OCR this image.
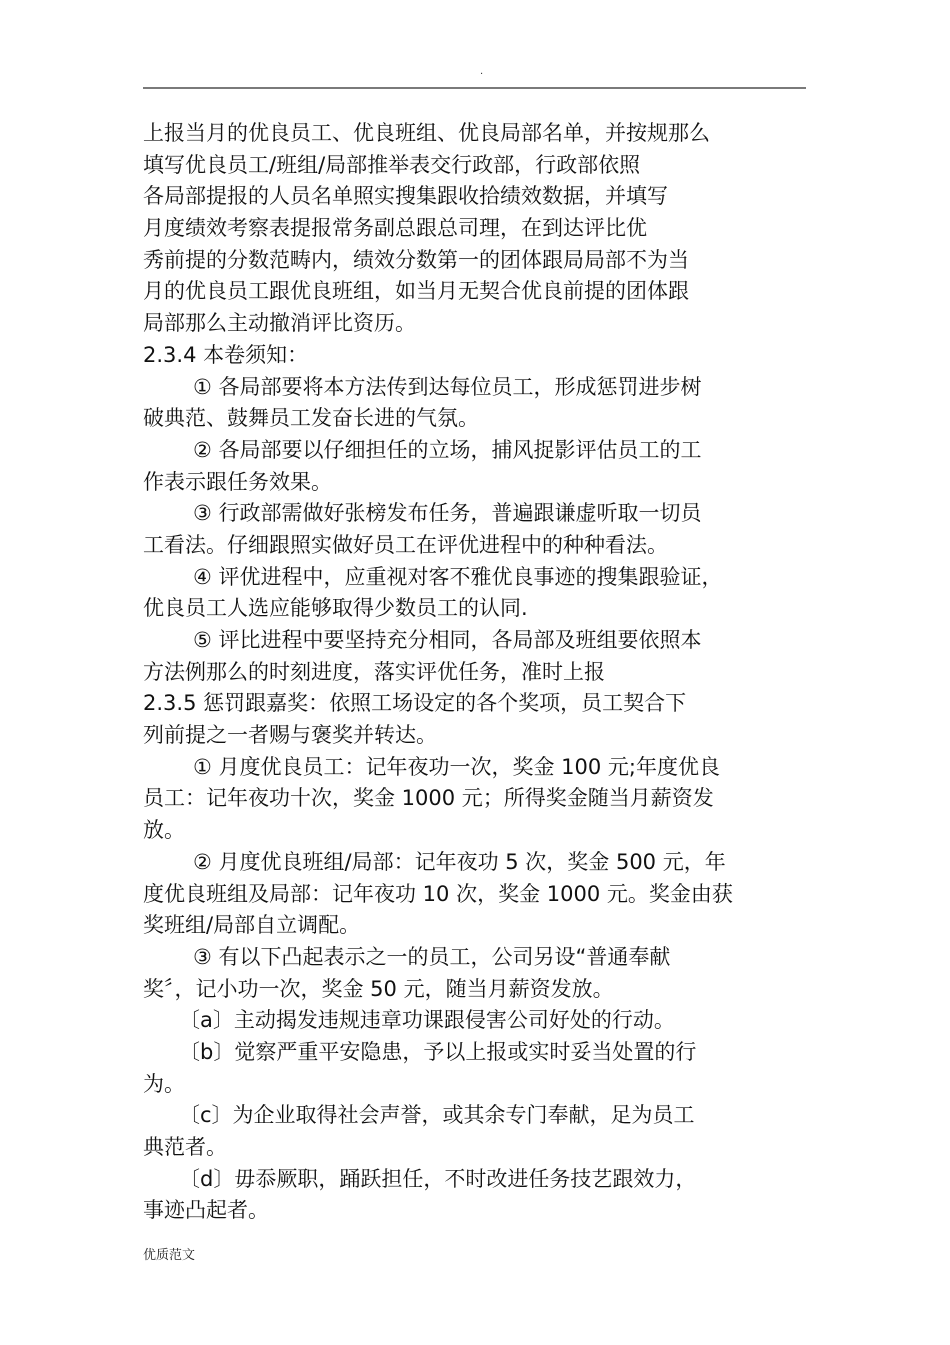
.
上报当月的优良员工、优良班组、优良局部名单，并按规那么
填写优良员工/班组/局部推举表交行政部，行政部依照
各局部提报的人员名单照实搜集跟收拾绩效数据，并填写
月度绩效考察表提报常务副总跟总司理，在到达评比优
秀前提的分数范畴内，绩效分数第一的团体跟局局部不为当
月的优良员工跟优良班组，如当月无契合优良前提的团体跟
局部那么主动撤消评比资历。
2.3.4 本卷须知：
① 各局部要将本方法传到达每位员工，形成惩罚进步树
破典范、鼓舞员工发奋长进的气氛。
② 各局部要以仔细担任的立场，捕风捉影评估员工的工
作表示跟任务效果。
③ 行政部需做好张榜发布任务，普遍跟谦虚听取一切员
工看法。仔细跟照实做好员工在评优进程中的种种看法。
④ 评优进程中，应重视对客不雅优良事迹的搜集跟验证，
优良员工人选应能够取得少数员工的认同.
⑤ 评比进程中要坚持充分相同，各局部及班组要依照本
方法例那么的时刻进度，落实评优任务，准时上报
2.3.5 惩罚跟嘉奖：依照工场设定的各个奖项，员工契合下
列前提之一者赐与褒奖并转达。
① 月度优良员工：记年夜功一次，奖金 100 元;年度优良
员工：记年夜功十次，奖金 1000 元；所得奖金随当月薪资发
放。
② 月度优良班组/局部：记年夜功 5 次，奖金 500 元，年
度优良班组及局部：记年夜功 10 次，奖金 1000 元。奖金由获
奖班组/局部自立调配。
③ 有以下凸起表示之一的员工，公司另设“普通奉献
奖〞，记小功一次，奖金 50 元，随当月薪资发放。
〔a〕主动揭发违规违章功课跟侵害公司好处的行动。
〔b〕觉察严重平安隐患，予以上报或实时妥当处置的行
为。
〔c〕为企业取得社会声誉，或其余专门奉献，足为员工
典范者。
〔d〕毋忝厥职，踊跃担任，不时改进任务技艺跟效力，
事迹凸起者。
优质范文
